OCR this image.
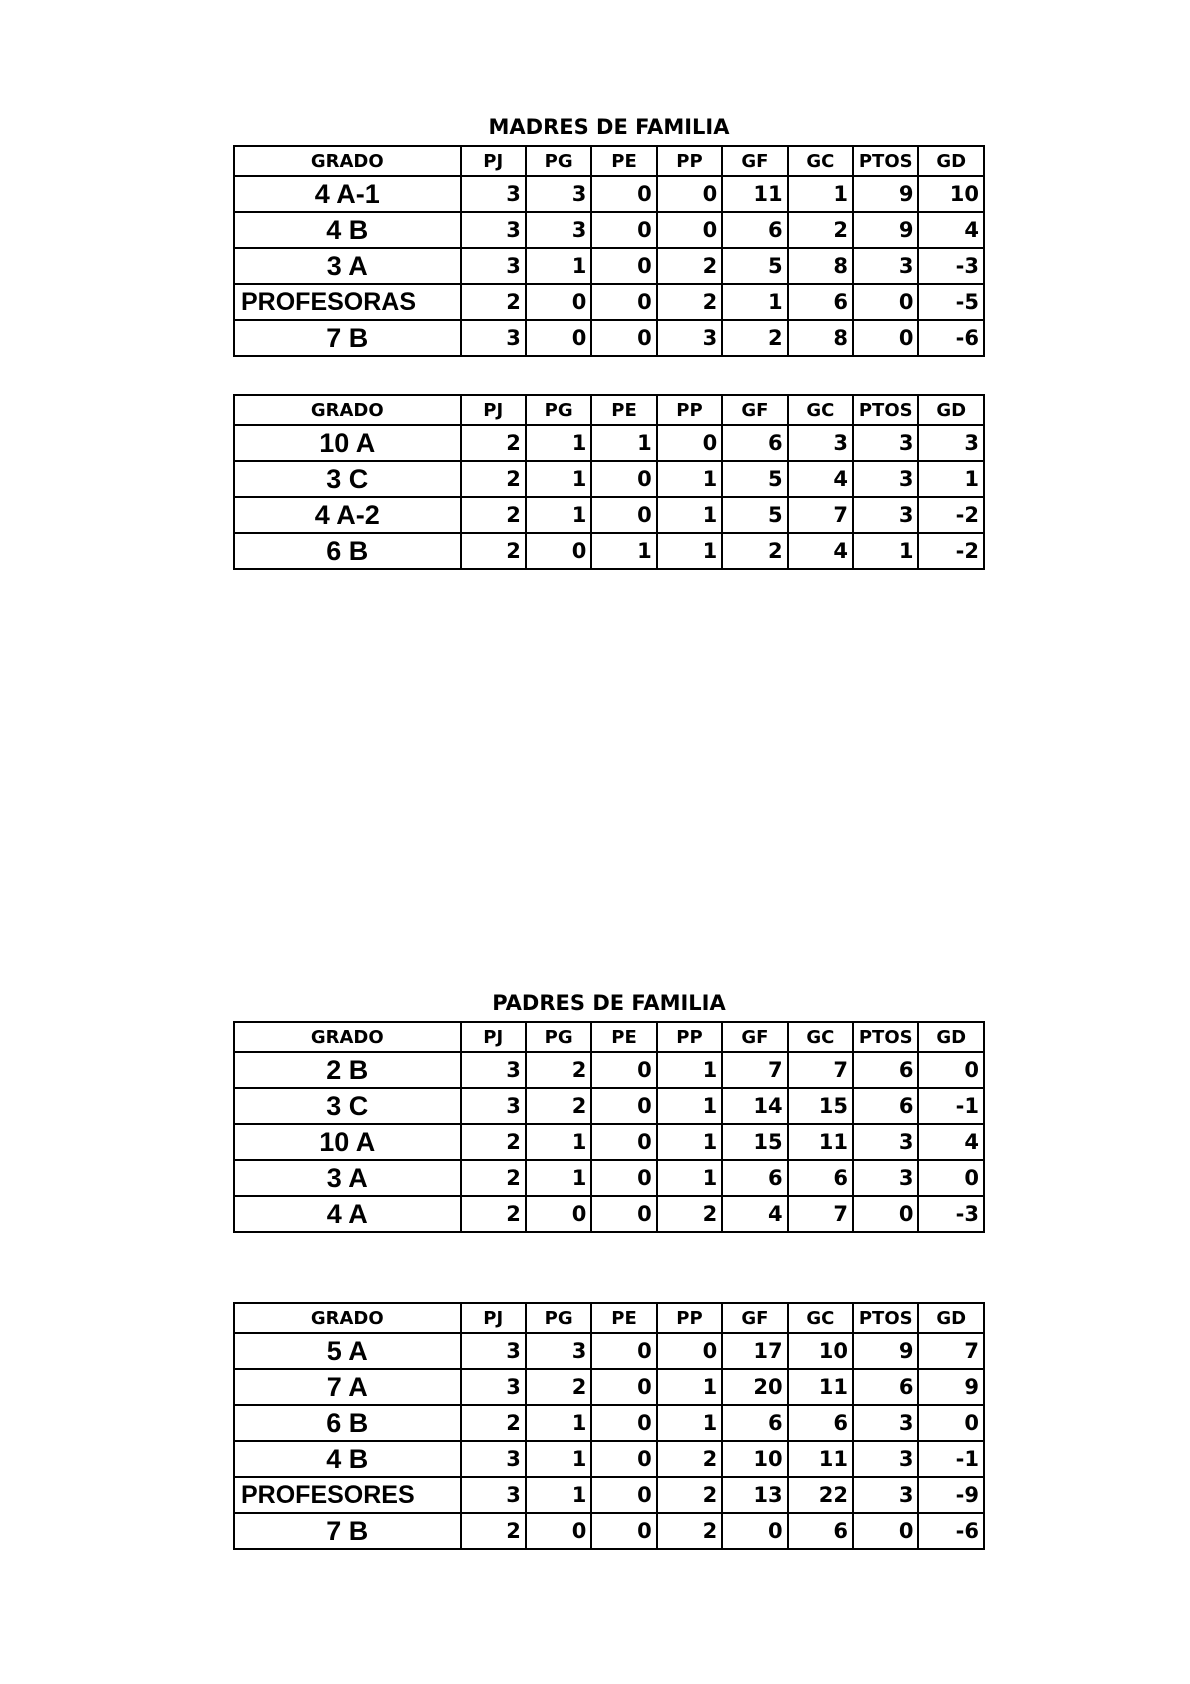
MADRES DE FAMILIA
GRADO	PJ	PG	PE	PP	GF	GC	PTOS	GD
4 A-1	3	3	0	0	11	1	9	10
4 B	3	3	0	0	6	2	9	4
3 A	3	1	0	2	5	8	3	-3
PROFESORAS	2	0	0	2	1	6	0	-5
7 B	3	0	0	3	2	8	0	-6
GRADO	PJ	PG	PE	PP	GF	GC	PTOS	GD
10 A	2	1	1	0	6	3	3	3
3 C	2	1	0	1	5	4	3	1
4 A-2	2	1	0	1	5	7	3	-2
6 B	2	0	1	1	2	4	1	-2
PADRES DE FAMILIA
GRADO	PJ	PG	PE	PP	GF	GC	PTOS	GD
2 B	3	2	0	1	7	7	6	0
3 C	3	2	0	1	14	15	6	-1
10 A	2	1	0	1	15	11	3	4
3 A	2	1	0	1	6	6	3	0
4 A	2	0	0	2	4	7	0	-3
GRADO	PJ	PG	PE	PP	GF	GC	PTOS	GD
5 A	3	3	0	0	17	10	9	7
7 A	3	2	0	1	20	11	6	9
6 B	2	1	0	1	6	6	3	0
4 B	3	1	0	2	10	11	3	-1
PROFESORES	3	1	0	2	13	22	3	-9
7 B	2	0	0	2	0	6	0	-6
